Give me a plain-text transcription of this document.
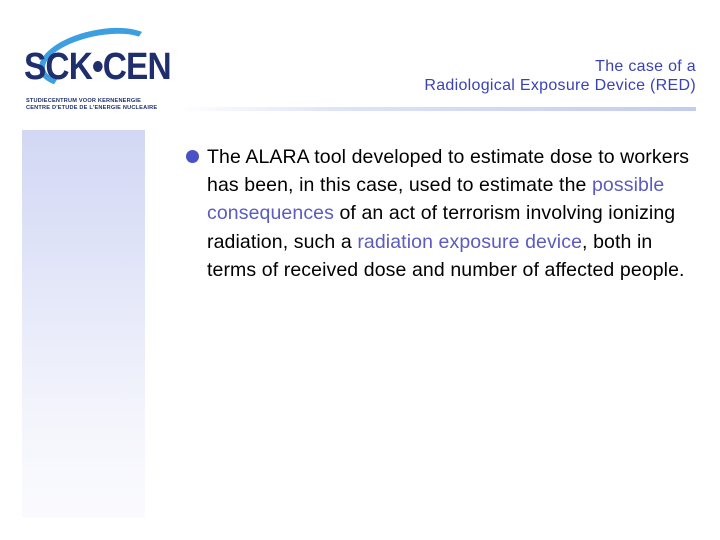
SCK•CEN
STUDIECENTRUM VOOR KERNENERGIE
CENTRE D'ETUDE DE L'ENERGIE NUCLEAIRE
The case of a
Radiological Exposure Device (RED)
The ALARA tool developed to estimate dose to workers has been, in this case, used to estimate the possible consequences of an act of terrorism involving ionizing radiation, such a radiation exposure device, both in terms of received dose and number of affected people.
